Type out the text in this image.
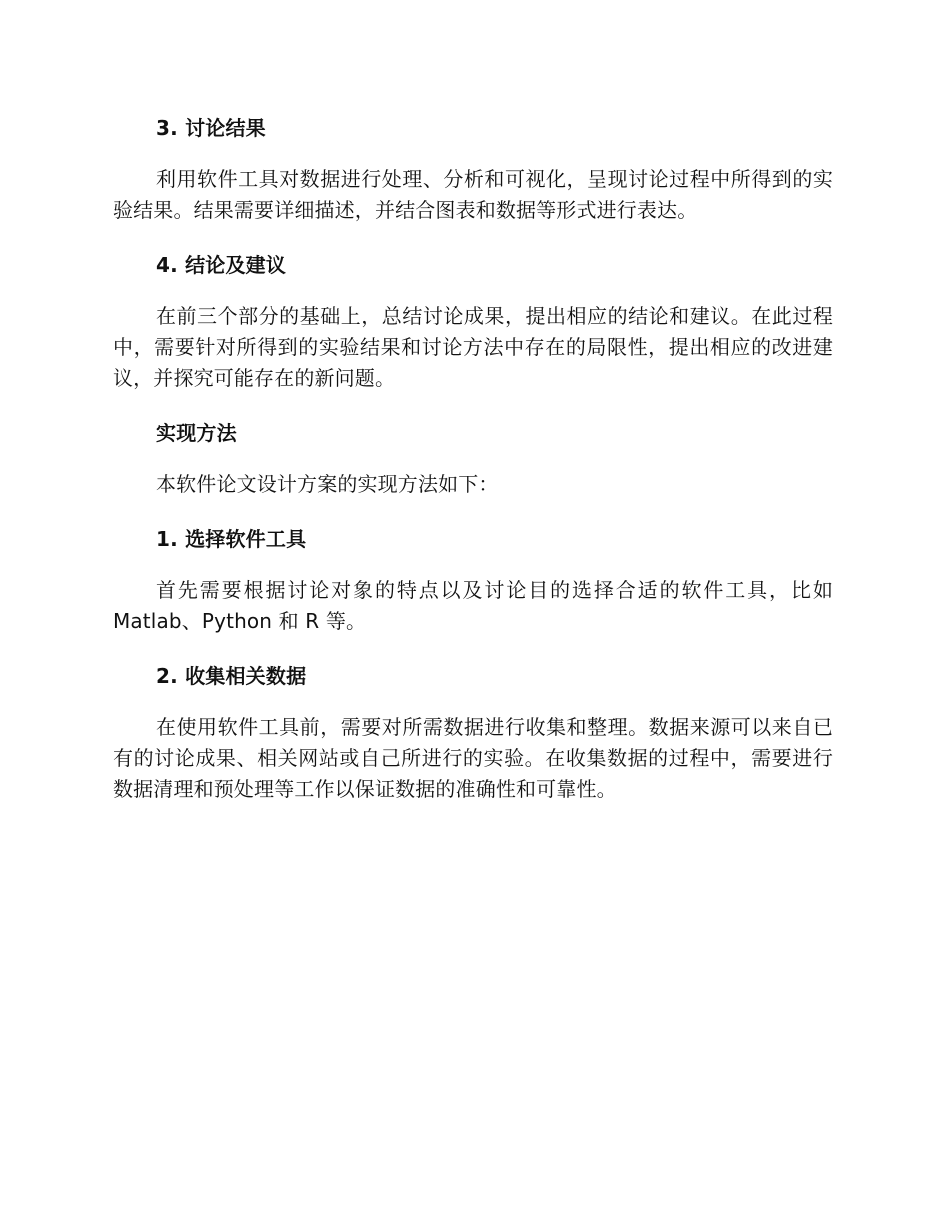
3. 讨论结果

利用软件工具对数据进行处理、分析和可视化，呈现讨论过程中所得到的实验结果。结果需要详细描述，并结合图表和数据等形式进行表达。

4. 结论及建议

在前三个部分的基础上，总结讨论成果，提出相应的结论和建议。在此过程中，需要针对所得到的实验结果和讨论方法中存在的局限性，提出相应的改进建议，并探究可能存在的新问题。

实现方法

本软件论文设计方案的实现方法如下：

1. 选择软件工具

首先需要根据讨论对象的特点以及讨论目的选择合适的软件工具，比如 Matlab、Python 和 R 等。

2. 收集相关数据

在使用软件工具前，需要对所需数据进行收集和整理。数据来源可以来自已有的讨论成果、相关网站或自己所进行的实验。在收集数据的过程中，需要进行数据清理和预处理等工作以保证数据的准确性和可靠性。
